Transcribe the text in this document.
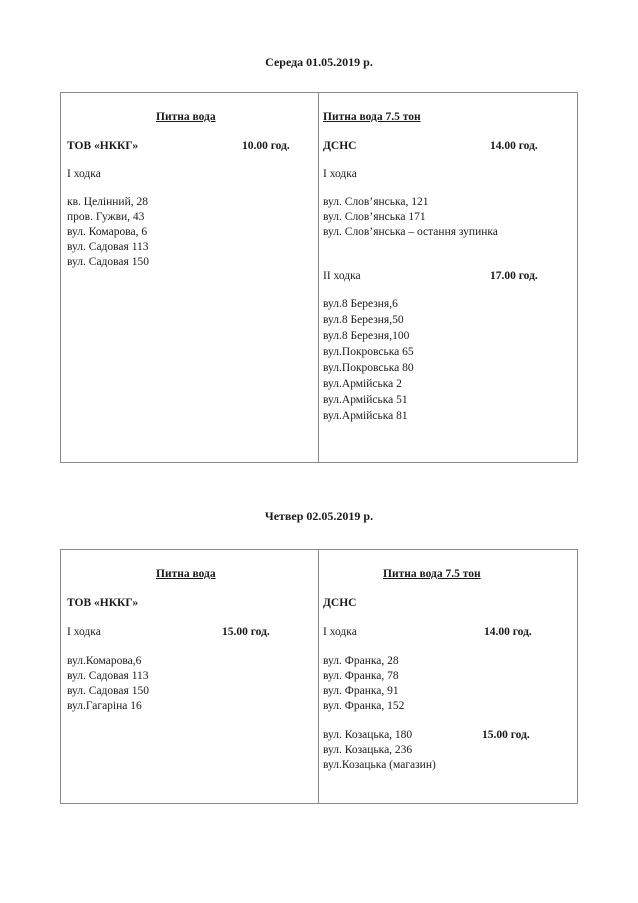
Середа 01.05.2019 р.
Питна вода
ТОВ «НККГ»	10.00 год.
І ходка
кв. Целінний, 28
пров. Гужви, 43
вул. Комарова, 6
вул. Садовая 113
вул. Садовая 150
Питна вода 7.5 тон
ДСНС	14.00 год.
І ходка
вул. Слов’янська, 121
вул. Слов’янська 171
вул. Слов’янська – остання зупинка
ІІ ходка	17.00 год.
вул.8 Березня,6
вул.8 Березня,50
вул.8 Березня,100
вул.Покровська 65
вул.Покровська 80
вул.Армійська 2
вул.Армійська 51
вул.Армійська 81
Четвер 02.05.2019 р.
Питна вода
ТОВ «НККГ»
І ходка	15.00 год.
вул.Комарова,6
вул. Садовая 113
вул. Садовая 150
вул.Гагаріна 16
Питна вода 7.5 тон
ДСНС
І ходка	14.00 год.
вул. Франка, 28
вул. Франка, 78
вул. Франка, 91
вул. Франка, 152
вул. Козацька, 180	15.00 год.
вул. Козацька, 236
вул.Козацька (магазин)
